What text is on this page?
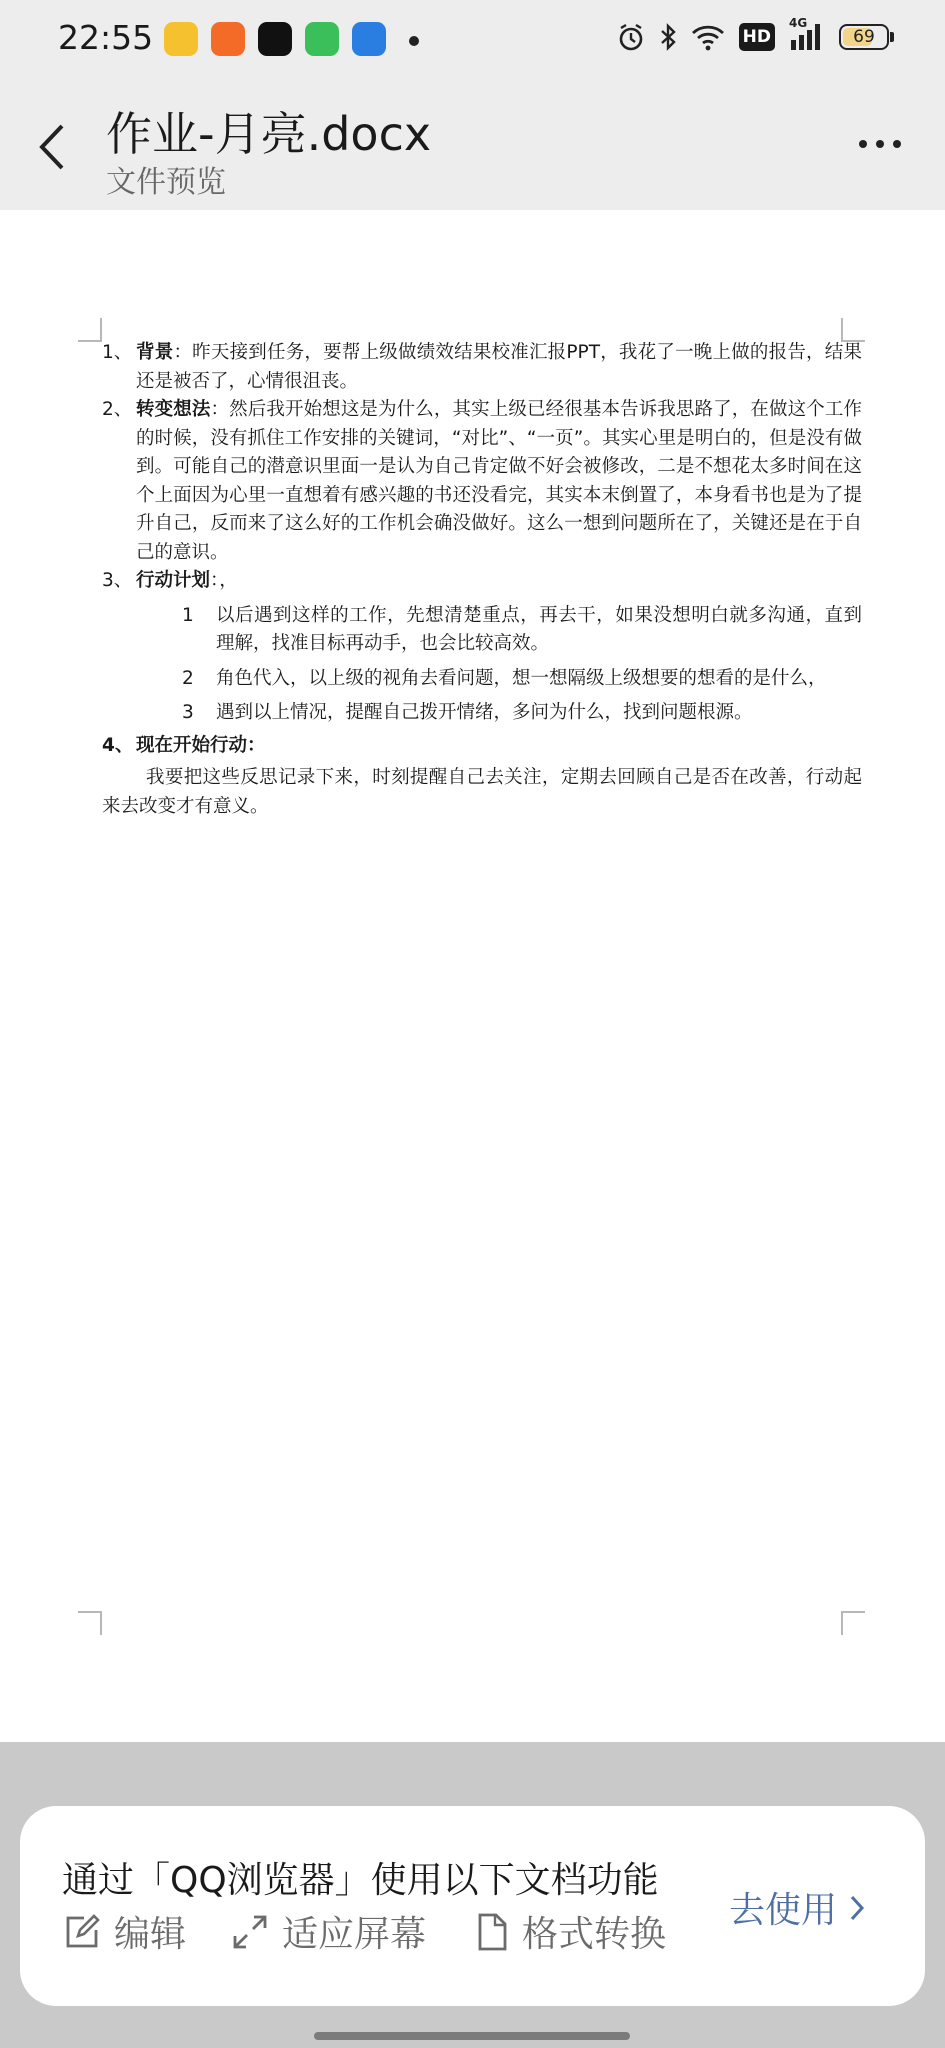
22:55	HD
4G
69
作业-月亮.docx
文件预览
1、 背景：昨天接到任务，要帮上级做绩效结果校准汇报PPT，我花了一晚上做的报告，结果还是被否了，心情很沮丧。
2、 转变想法：然后我开始想这是为什么，其实上级已经很基本告诉我思路了，在做这个工作的时候，没有抓住工作安排的关键词，“对比”、“一页”。其实心里是明白的，但是没有做到。可能自己的潜意识里面一是认为自己肯定做不好会被修改，二是不想花太多时间在这个上面因为心里一直想着有感兴趣的书还没看完，其实本末倒置了，本身看书也是为了提升自己，反而来了这么好的工作机会确没做好。这么一想到问题所在了，关键还是在于自己的意识。
3、 行动计划：，
1	以后遇到这样的工作，先想清楚重点，再去干，如果没想明白就多沟通，直到理解，找准目标再动手，也会比较高效。
2	角色代入，以上级的视角去看问题，想一想隔级上级想要的想看的是什么，
3	遇到以上情况，提醒自己拨开情绪，多问为什么，找到问题根源。
4、 现在开始行动：
我要把这些反思记录下来，时刻提醒自己去关注，定期去回顾自己是否在改善，行动起来去改变才有意义。
通过「QQ浏览器」使用以下文档功能
编辑	适应屏幕	格式转换
去使用
